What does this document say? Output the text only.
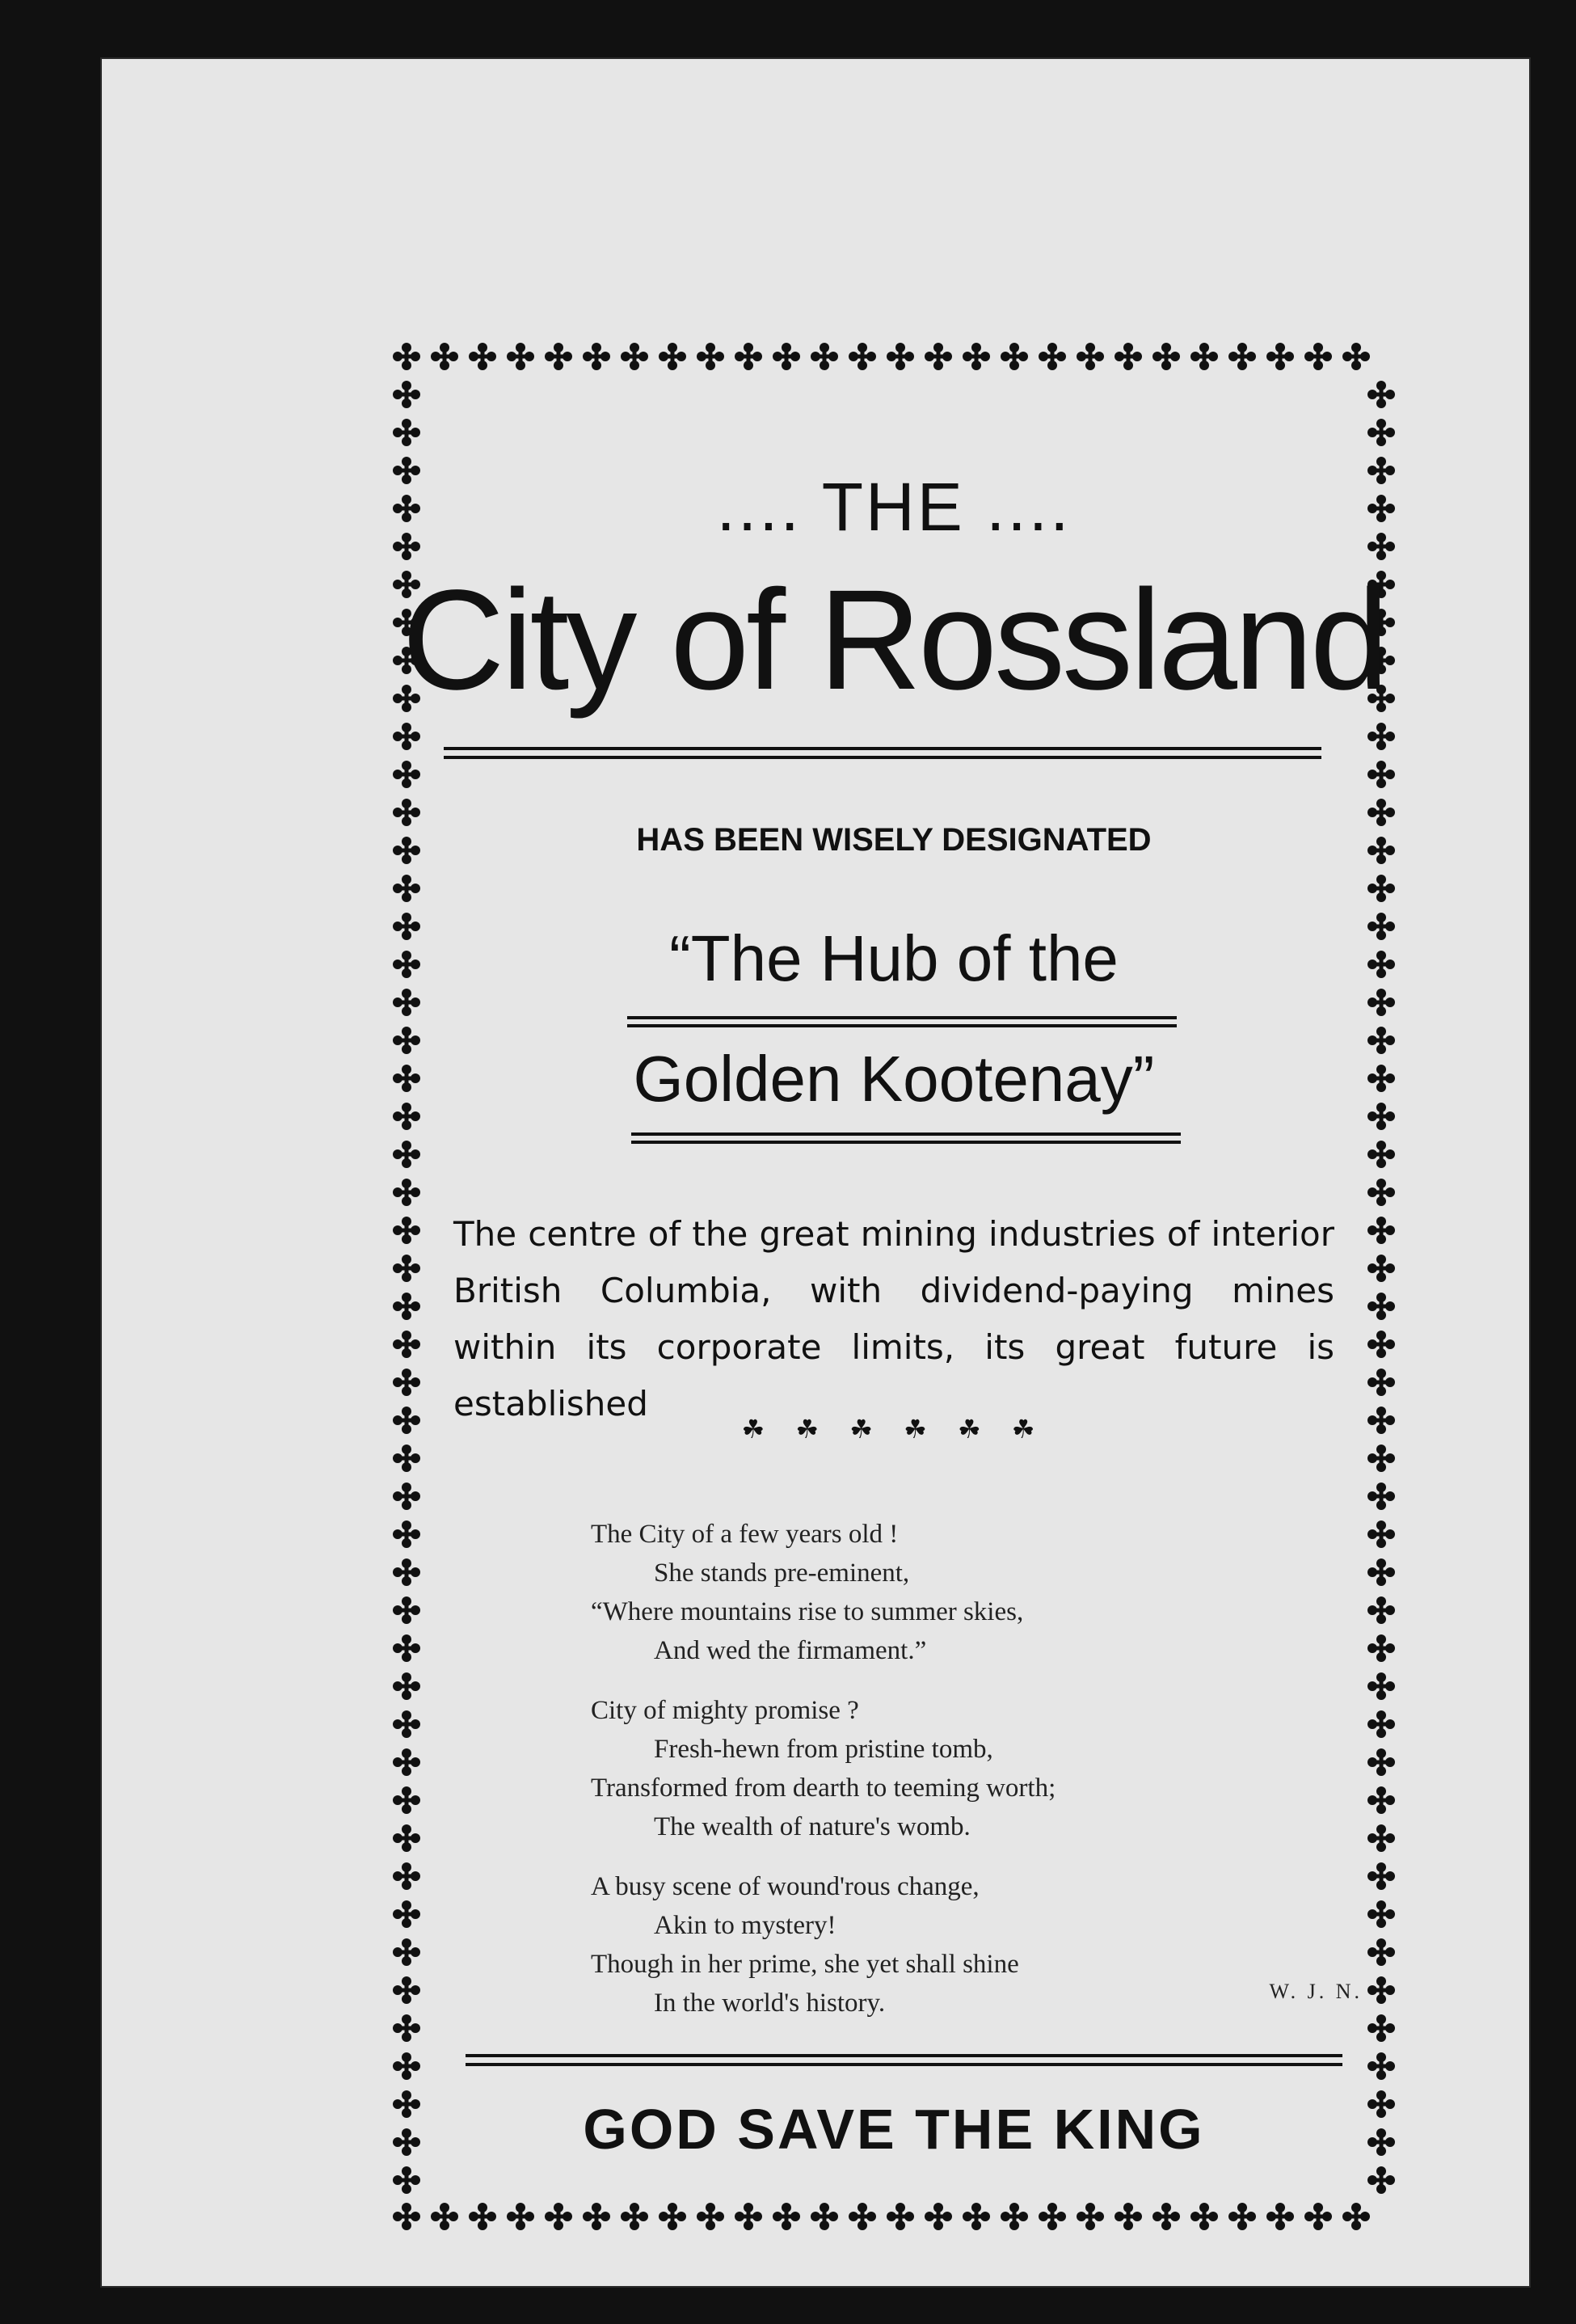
.... THE ....
City of Rossland
HAS BEEN WISELY DESIGNATED
“The Hub of the
Golden Kootenay”
The centre of the great mining industries of interior British Columbia, with dividend-paying mines within its corporate limits, its great future is established
☘ ☘ ☘ ☘ ☘ ☘
The City of a few years old !
She stands pre-eminent,
“Where mountains rise to summer skies,
And wed the firmament.”
City of mighty promise ?
Fresh-hewn from pristine tomb,
Transformed from dearth to teeming worth;
The wealth of nature's womb.
A busy scene of wound'rous change,
Akin to mystery!
Though in her prime, she yet shall shine
In the world's history.	W. J. N.
GOD SAVE THE KING
